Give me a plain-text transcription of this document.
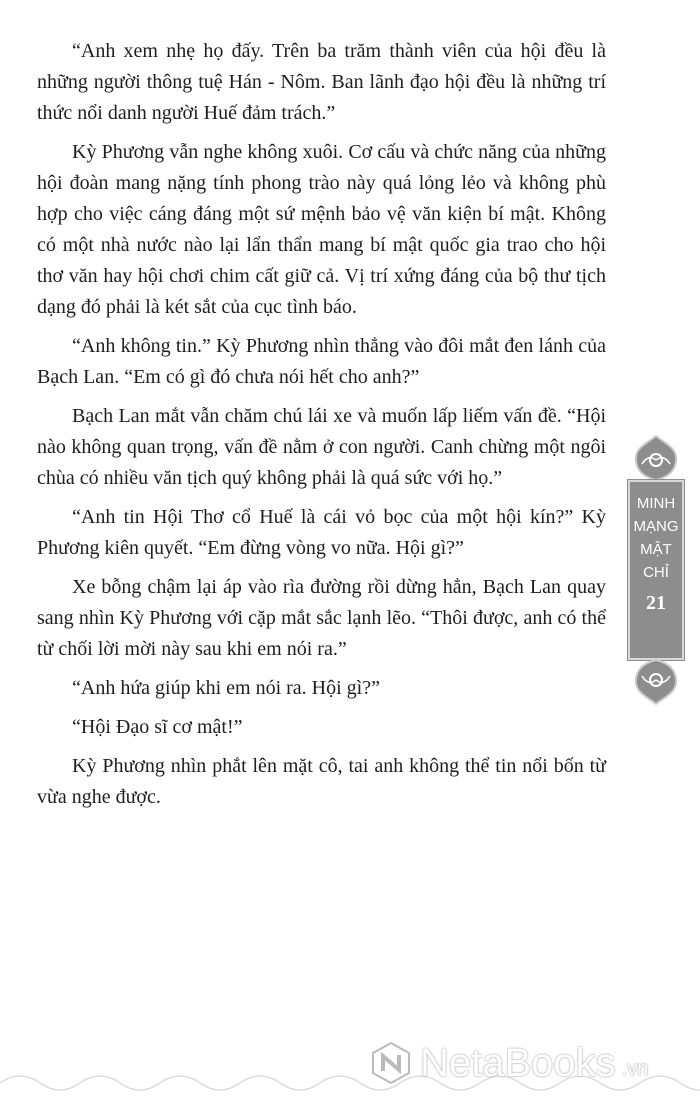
“Anh xem nhẹ họ đấy. Trên ba trăm thành viên của hội đều là những người thông tuệ Hán - Nôm. Ban lãnh đạo hội đều là những trí thức nổi danh người Huế đảm trách.”

Kỳ Phương vẫn nghe không xuôi. Cơ cấu và chức năng của những hội đoàn mang nặng tính phong trào này quá lỏng lẻo và không phù hợp cho việc cáng đáng một sứ mệnh bảo vệ văn kiện bí mật. Không có một nhà nước nào lại lẩn thẩn mang bí mật quốc gia trao cho hội thơ văn hay hội chơi chim cất giữ cả. Vị trí xứng đáng của bộ thư tịch dạng đó phải là két sắt của cục tình báo.

“Anh không tin.” Kỳ Phương nhìn thẳng vào đôi mắt đen lánh của Bạch Lan. “Em có gì đó chưa nói hết cho anh?”

Bạch Lan mắt vẫn chăm chú lái xe và muốn lấp liếm vấn đề. “Hội nào không quan trọng, vấn đề nằm ở con người. Canh chừng một ngôi chùa có nhiều văn tịch quý không phải là quá sức với họ.”

“Anh tin Hội Thơ cổ Huế là cái vỏ bọc của một hội kín?” Kỳ Phương kiên quyết. “Em đừng vòng vo nữa. Hội gì?”

Xe bỗng chậm lại áp vào rìa đường rồi dừng hẳn, Bạch Lan quay sang nhìn Kỳ Phương với cặp mắt sắc lạnh lẽo. “Thôi được, anh có thể từ chối lời mời này sau khi em nói ra.”

“Anh hứa giúp khi em nói ra. Hội gì?”

“Hội Đạo sĩ cơ mật!”

Kỳ Phương nhìn phắt lên mặt cô, tai anh không thể tin nổi bốn từ vừa nghe được.

MINH
MẠNG
MẬT
CHỈ
21
NetaBooks .vn
